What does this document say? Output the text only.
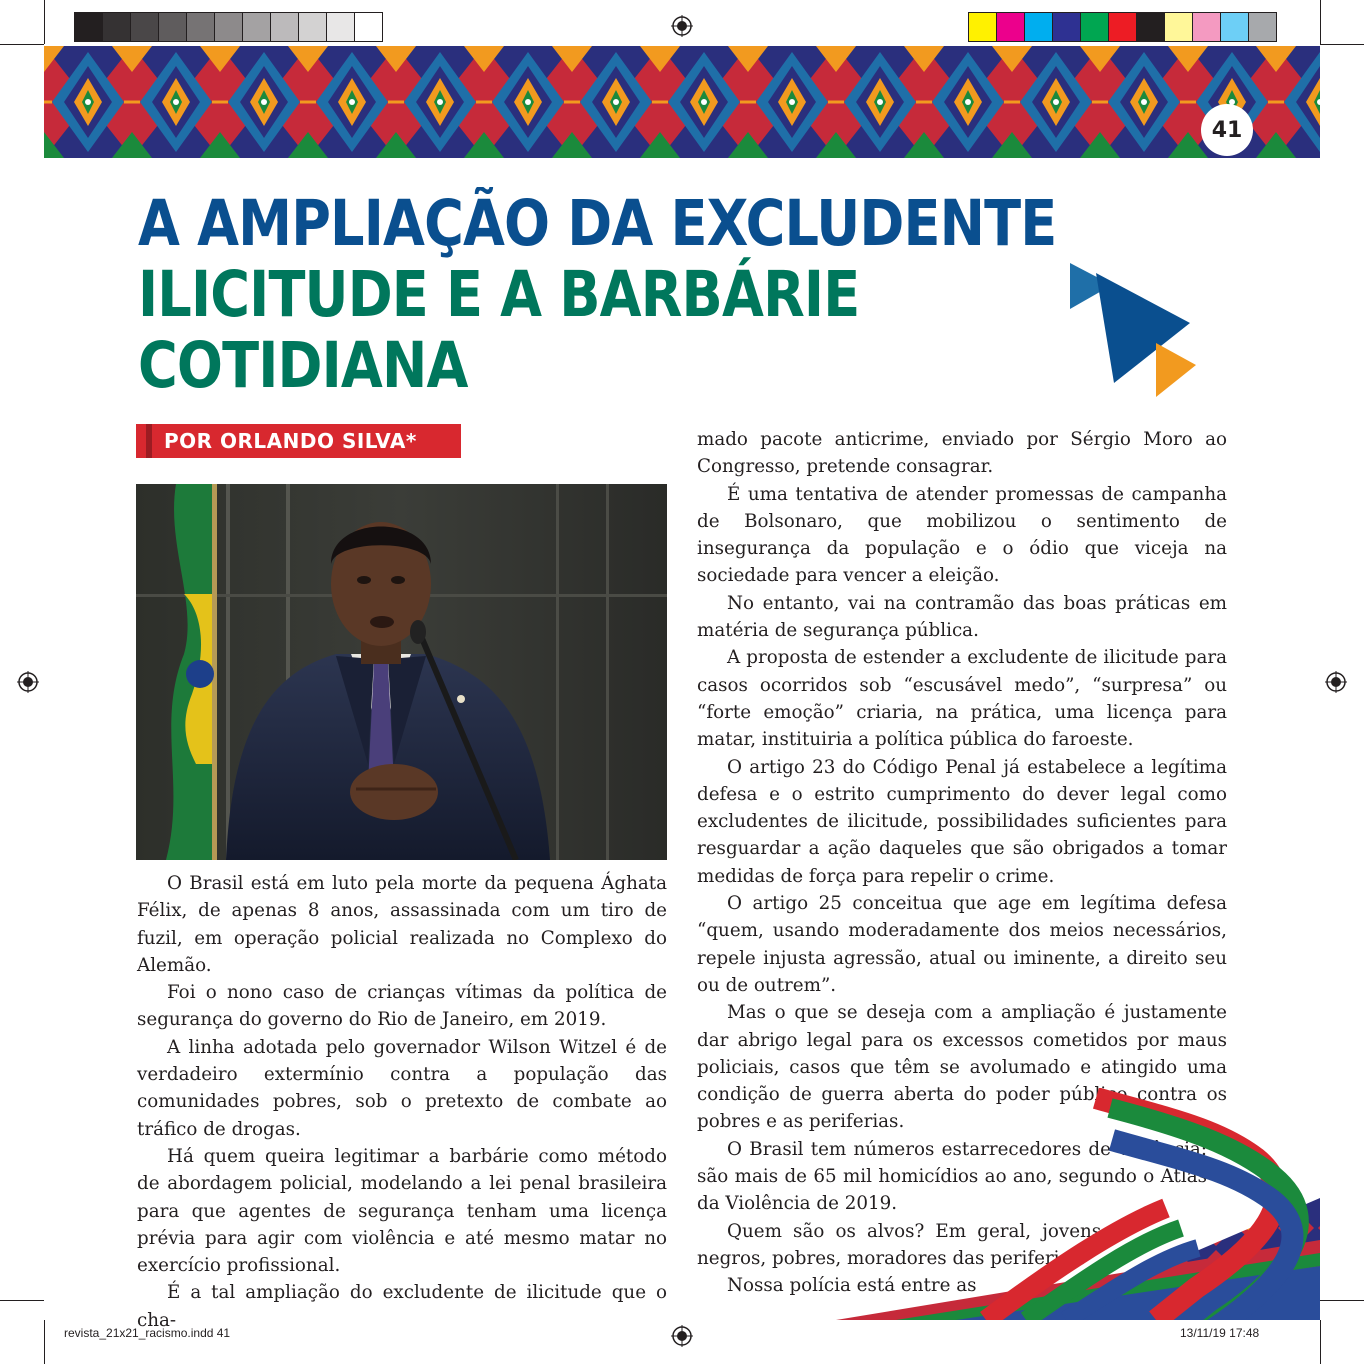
41
A AMPLIAÇÃO DA EXCLUDENTE
ILICITUDE E A BARBÁRIE
COTIDIANA
POR ORLANDO SILVA*

O Brasil está em luto pela morte da pequena Ághata Félix, de apenas 8 anos, assassinada com um tiro de fuzil, em operação policial realizada no Complexo do Alemão.

Foi o nono caso de crianças vítimas da política de segurança do governo do Rio de Janeiro, em 2019.

A linha adotada pelo governador Wilson Witzel é de verdadeiro extermínio contra a população das comunidades pobres, sob o pretexto de combate ao tráfico de drogas.

Há quem queira legitimar a barbárie como método de abordagem policial, modelando a lei penal brasileira para que agentes de segurança tenham uma licença prévia para agir com violência e até mesmo matar no exercício profissional.

É a tal ampliação do excludente de ilicitude que o cha-

mado pacote anticrime, enviado por Sérgio Moro ao Congresso, pretende consagrar.

É uma tentativa de atender promessas de campanha de Bolsonaro, que mobilizou o sentimento de insegurança da população e o ódio que viceja na sociedade para vencer a eleição.

No entanto, vai na contramão das boas práticas em matéria de segurança pública.

A proposta de estender a excludente de ilicitude para casos ocorridos sob “escusável medo”, “surpresa” ou “forte emoção” criaria, na prática, uma licença para matar, instituiria a política pública do faroeste.

O artigo 23 do Código Penal já estabelece a legítima defesa e o estrito cumprimento do dever legal como excludentes de ilicitude, possibilidades suficientes para resguardar a ação daqueles que são obrigados a tomar medidas de força para repelir o crime.

O artigo 25 conceitua que age em legítima defesa “quem, usando moderadamente dos meios necessários, repele injusta agressão, atual ou iminente, a direito seu ou de outrem”.

Mas o que se deseja com a ampliação é justamente dar abrigo legal para os excessos cometidos por maus policiais, casos que têm se avolumado e atingido uma condição de guerra aberta do poder público contra os pobres e as periferias.

O Brasil tem números estarrecedores de violência: são mais de 65 mil homicídios ao ano, segundo o Atlas da Violência de 2019.

Quem são os alvos? Em geral, jovens, negros, pobres, moradores das periferias.

Nossa polícia está entre as

revista_21x21_racismo.indd 41	13/11/19 17:48
